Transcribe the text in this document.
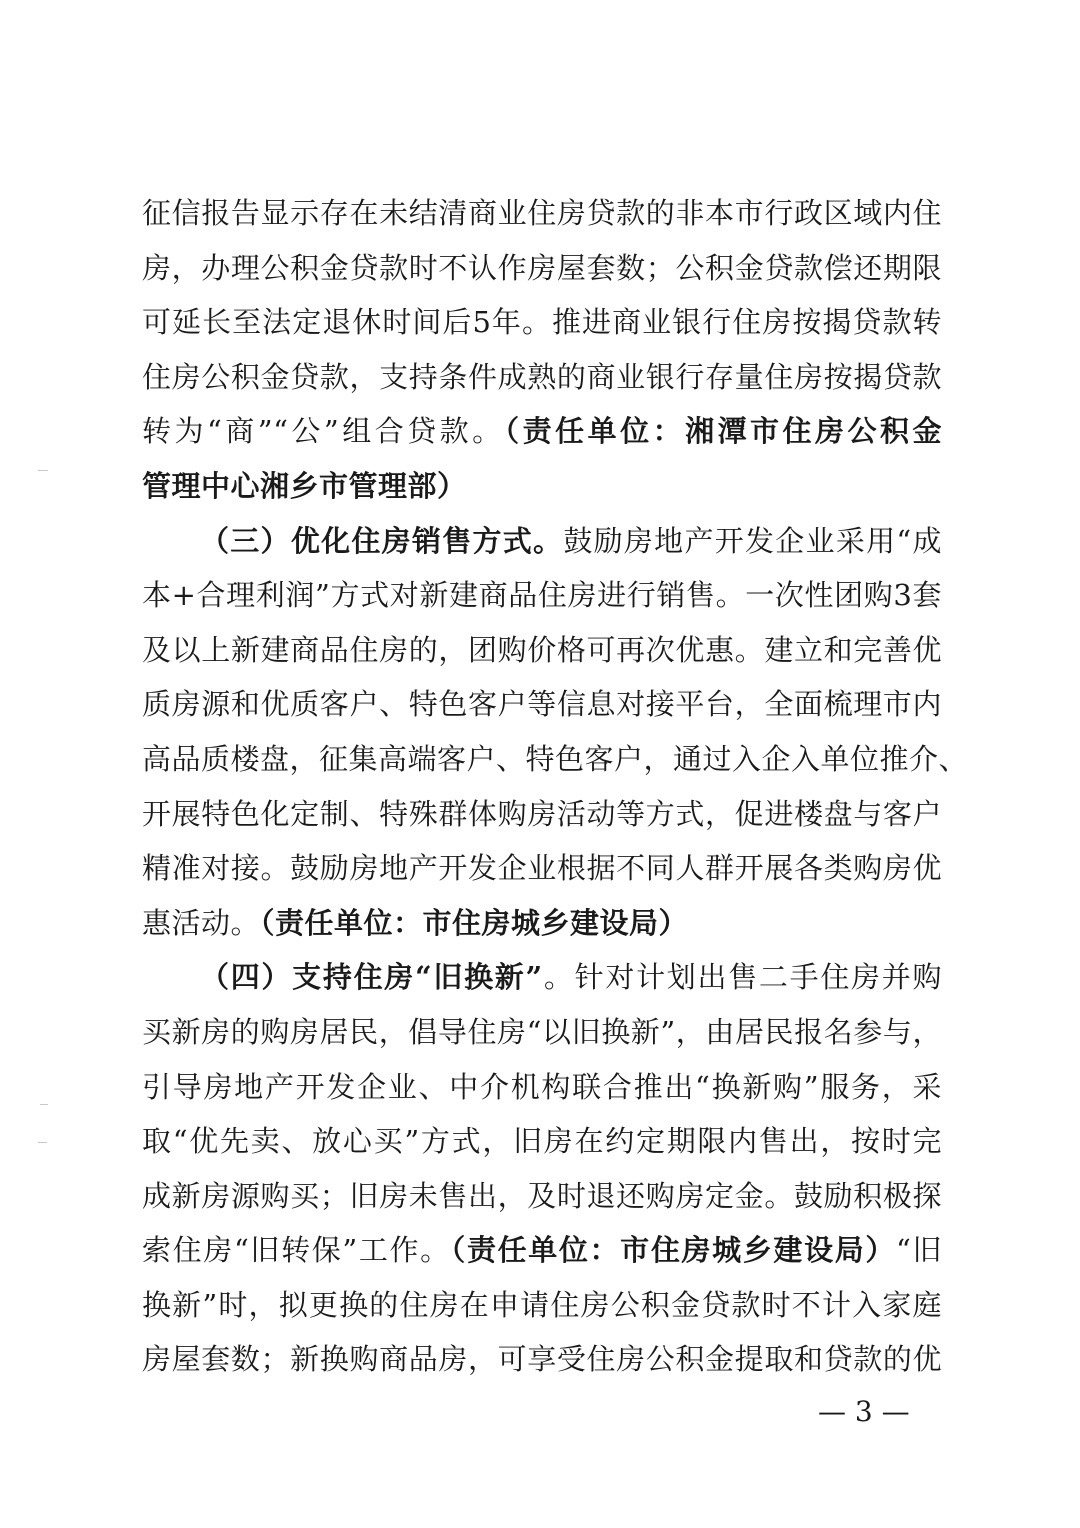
征信报告显示存在未结清商业住房贷款的非本市行政区域内住
房，办理公积金贷款时不认作房屋套数；公积金贷款偿还期限
可延长至法定退休时间后5年。推进商业银行住房按揭贷款转
住房公积金贷款，支持条件成熟的商业银行存量住房按揭贷款
转为“商”“公”组合贷款。（责任单位：湘潭市住房公积金
管理中心湘乡市管理部）
（三）优化住房销售方式。鼓励房地产开发企业采用“成
本+合理利润”方式对新建商品住房进行销售。一次性团购3套
及以上新建商品住房的，团购价格可再次优惠。建立和完善优
质房源和优质客户、特色客户等信息对接平台，全面梳理市内
高品质楼盘，征集高端客户、特色客户，通过入企入单位推介、
开展特色化定制、特殊群体购房活动等方式，促进楼盘与客户
精准对接。鼓励房地产开发企业根据不同人群开展各类购房优
惠活动。（责任单位：市住房城乡建设局）
（四）支持住房“旧换新”。针对计划出售二手住房并购
买新房的购房居民，倡导住房“以旧换新”，由居民报名参与，
引导房地产开发企业、中介机构联合推出“换新购”服务，采
取“优先卖、放心买”方式，旧房在约定期限内售出，按时完
成新房源购买；旧房未售出，及时退还购房定金。鼓励积极探
索住房“旧转保”工作。（责任单位：市住房城乡建设局）“旧
换新”时，拟更换的住房在申请住房公积金贷款时不计入家庭
房屋套数；新换购商品房，可享受住房公积金提取和贷款的优
— 3 —
